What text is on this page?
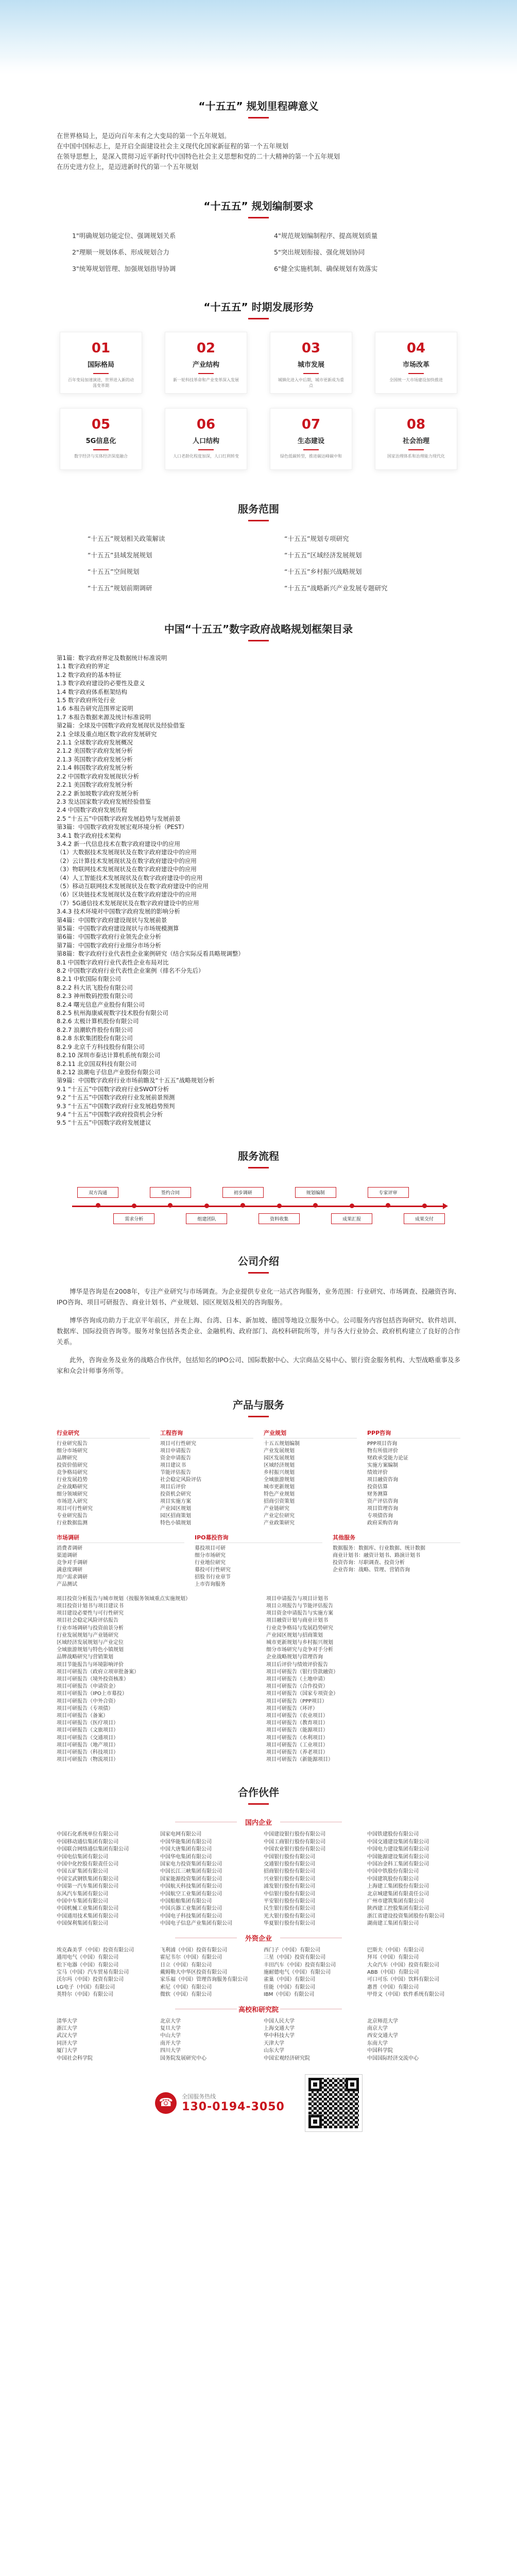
“十五五” 规划里程碑意义
在世界格局上，是迈向百年未有之大变局的第一个五年规划。
在中国中国标志上，是开启全面建设社会主义现代化国家新征程的第一个五年规划
在领导思想上，是深入贯彻习近平新时代中国特色社会主义思想和党的二十大精神的第一个五年规划
在历史进方位上，是迈进新时代的第一个五年规划
“十五五” 规划编制要求
1"明确规划功能定位、强调规划关系	4"规范规划编制程序、提高规划质量
2"理顺一规划体系、形成规划合力	5"突出规划衔接、强化规划协同
3"统筹规划管理、加强规划指导协调	6"健全实施机制、确保规划有效落实
“十五五” 时期发展形势
01
国际格局
百年变局加速演进，世界进入新的动荡变革期
02
产业结构
新一轮科技革命和产业变革深入发展
03
城市发展
城镇化进入中后期，城市更新成为重点
04
市场改革
全国统一大市场建设加快推进
05
5G信息化
数字经济与实体经济深度融合
06
人口结构
人口老龄化程度加深，人口红利转变
07
生态建设
绿色低碳转型，推进碳达峰碳中和
08
社会治理
国家治理体系和治理能力现代化
服务范围
“十五五”规划相关政策解读	“十五五”规划专项研究
“十五五”县域发展规划	“十五五”区域经济发展规划
“十五五”空间规划	“十五五”乡村振兴战略规划
“十五五”规划前期调研	“十五五”战略新兴产业发展专题研究
中国“十五五”数字政府战略规划框架目录
第1篇：数字政府界定及数据统计标准说明
1.1 数字政府的界定
1.2 数字政府的基本特征
1.3 数字政府建设的必要性及意义
1.4 数字政府体系框架结构
1.5 数字政府所处行业
1.6 本报告研究范围界定说明
1.7 本报告数据来源及统计标准说明
第2篇：全球及中国数字政府发展现状及经验借鉴
2.1 全球及重点地区数字政府发展研究
2.1.1 全球数字政府发展概况
2.1.2 美国数字政府发展分析
2.1.3 英国数字政府发展分析
2.1.4 韩国数字政府发展分析
2.2 中国数字政府发展现状分析
2.2.1 美国数字政府发展分析
2.2.2 新加坡数字政府发展分析
2.3 发达国家数字政府发展经验借鉴
2.4 中国数字政府发展历程
2.5 “十五五”中国数字政府发展趋势与发展前景
第3篇：中国数字政府发展宏观环境分析（PEST）
3.4.1 数字政府技术架构
3.4.2 新一代信息技术在数字政府建设中的应用
（1）大数据技术发展现状及在数字政府建设中的应用
（2）云计算技术发展现状及在数字政府建设中的应用
（3）物联网技术发展现状及在数字政府建设中的应用
（4）人工智能技术发展现状及在数字政府建设中的应用
（5）移动互联网技术发展现状及在数字政府建设中的应用
（6）区块链技术发展现状及在数字政府建设中的应用
（7）5G通信技术发展现状及在数字政府建设中的应用
3.4.3 技术环境对中国数字政府发展的影响分析
第4篇：中国数字政府建设现状与发展前景
第5篇：中国数字政府建设现状与市场规模测算
第6篇：中国数字政府行业领先企业分析
第7篇：中国数字政府行业细分市场分析
第8篇：数字政府行业代表性企业案例研究（结合实际反看具略规调整）
8.1 中国数字政府行业代表性企业布局对比
8.2 中国数字政府行业代表性企业案例（排名不分先后）
8.2.1 中软国际有限公司
8.2.2 科大讯飞股份有限公司
8.2.3 神州数码控股有限公司
8.2.4 曙光信息产业股份有限公司
8.2.5 杭州海康威视数字技术股份有限公司
8.2.6 太极计算机股份有限公司
8.2.7 浪潮软件股份有限公司
8.2.8 东软集团股份有限公司
8.2.9 北京千方科技股份有限公司
8.2.10 深圳市泰达计算机系统有限公司
8.2.11 北京国双科技有限公司
8.2.12 浪潮电子信息产业股份有限公司
第9篇：中国数字政府行业市场前瞻及“十五五”战略规划分析
9.1 “十五五”中国数字政府行业SWOT分析
9.2 “十五五”中国数字政府行业发展前景预测
9.3 “十五五”中国数字政府行业发展趋势预判
9.4 “十五五”中国数字政府投资机会分析
9.5 “十五五”中国数字政府发展建议
服务流程
双方沟通
需求分析
签约合同
组建团队
初步调研
资料收集
规划编制
成果汇报
专家评审
成果交付
公司介绍

博华是咨询是在2008年，专注产业研究与市场调查。为企业提供专业化一站式咨询服务，业务范围：行业研究、市场调查、投融资咨询、IPO咨询、项目可研报告、商业计划书、产业规划、园区规划及相关的咨询服务。

博华咨询成功助力于北京平年前区，并在上海、台湾、日本、新加坡、德国等地设立服务中心。公司服务内容包括咨询研究、软件培训、数据库、国际投资咨询等。服务对象包括各类企业、金融机构、政府部门、高校科研院所等，并与各大行业协会、政府机构建立了良好的合作关系。

此外，咨询业务及业务的战略合作伙伴，包括知名的IPO公司、国际数据中心、大宗商品交易中心、银行资金服务机构、大型战略重事及多家和众会计师事务所等。

产品与服务
行业研究
行业研究报告
细分市场研究
品牌研究
投资价值研究
竞争格局研究
行业发展趋势
企业战略研究
细分领域研究
市场进入研究
项目可行性研究
专业研究报告
行业数据监测
工程咨询
项目可行性研究
项目申请报告
资金申请报告
项目建议书
节能评估报告
社会稳定风险评估
项目后评价
投资机会研究
项目实施方案
产业园区规划
园区招商策划
特色小镇规划
产业规划
十五五规划编制
产业发展规划
园区发展规划
区域经济规划
乡村振兴规划
全域旅游规划
城市更新规划
特色产业规划
招商引资策划
产业链研究
产业定位研究
产业政策研究
PPP咨询
PPP项目咨询
物有所值评价
财政承受能力论证
实施方案编制
绩效评价
项目融资咨询
投资估算
财务测算
资产评估咨询
项目管理咨询
专项债咨询
政府采购咨询
市场调研
消费者调研
渠道调研
竞争对手调研
满意度调研
用户需求调研
产品测试
IPO募投咨询
募投项目可研
细分市场研究
行业地位研究
募投可行性研究
招股书行业章节
上市咨询服务
其他服务
数据服务：数据库、行业数据、统计数据
商业计划书：融资计划书、路演计划书
投资咨询：尽职调查、投资分析
企业咨询：战略、管理、营销咨询
项目投资分析报告与城市规划（按服务领域重点实施规划）	项目申请报告与项目计划书
项目投资计划书与项目建议书	项目立项报告与节能评估报告
项目建设必要性与可行性研究	项目资金申请报告与实施方案
项目社会稳定风险评估报告	项目融资计划与商业计划书
行业市场调研与投资前景分析	行业竞争格局与发展趋势研究
行业发展规划与产业链研究	产业园区规划与招商策划
区域经济发展规划与产业定位	城市更新规划与乡村振兴规划
全域旅游规划与特色小镇规划	细分市场研究与竞争对手分析
品牌战略研究与营销策划	企业战略规划与管理咨询
项目节能报告与环境影响评价	项目后评价与绩效评价报告
项目可研报告（政府立项审批备案）	项目可研报告（银行贷款融资）
项目可研报告（境外投资核准）	项目可研报告（土地申请）
项目可研报告（申请资金）	项目可研报告（合作投资）
项目可研报告（IPO上市募投）	项目可研报告（国家专项资金）
项目可研报告（中外合资）	项目可研报告（PPP项目）
项目可研报告（专项债）	项目可研报告（环评）
项目可研报告（备案）	项目可研报告（农业项目）
项目可研报告（医疗项目）	项目可研报告（教育项目）
项目可研报告（文旅项目）	项目可研报告（能源项目）
项目可研报告（交通项目）	项目可研报告（水利项目）
项目可研报告（地产项目）	项目可研报告（工业项目）
项目可研报告（科技项目）	项目可研报告（养老项目）
项目可研报告（物流项目）	项目可研报告（新能源项目）
合作伙伴
国内企业
中国石化系统单位有限公司	国家电网有限公司	中国建设银行股份有限公司	中国铁建股份有限公司
中国移动通信集团有限公司	中国华能集团有限公司	中国工商银行股份有限公司	中国交通建设集团有限公司
中国联合网络通信集团有限公司	中国大唐集团有限公司	中国农业银行股份有限公司	中国电力建设集团有限公司
中国电信集团有限公司	中国华电集团有限公司	中国银行股份有限公司	中国能源建设集团有限公司
中国中化控股有限责任公司	国家电力投资集团有限公司	交通银行股份有限公司	中国冶金科工集团有限公司
中国五矿集团有限公司	中国长江三峡集团有限公司	招商银行股份有限公司	中国中铁股份有限公司
中国宝武钢铁集团有限公司	国家能源投资集团有限公司	兴业银行股份有限公司	中国建筑股份有限公司
中国第一汽车集团有限公司	中国航天科技集团有限公司	浦发银行股份有限公司	上海建工集团股份有限公司
东风汽车集团有限公司	中国航空工业集团有限公司	中信银行股份有限公司	北京城建集团有限责任公司
中国中车集团有限公司	中国船舶集团有限公司	平安银行股份有限公司	广州市建筑集团有限公司
中国机械工业集团有限公司	中国兵器工业集团有限公司	民生银行股份有限公司	陕西建工控股集团有限公司
中国通用技术集团有限公司	中国电子科技集团有限公司	光大银行股份有限公司	浙江省建设投资集团股份有限公司
中国保利集团有限公司	中国电子信息产业集团有限公司	华夏银行股份有限公司	湖南建工集团有限公司
外资企业
埃克森美孚（中国）投资有限公司	飞利浦（中国）投资有限公司	西门子（中国）有限公司	巴斯夫（中国）有限公司
通用电气（中国）有限公司	霍尼韦尔（中国）有限公司	三星（中国）投资有限公司	拜耳（中国）有限公司
松下电器（中国）有限公司	日立（中国）有限公司	丰田汽车（中国）投资有限公司	大众汽车（中国）投资有限公司
宝马（中国）汽车贸易有限公司	戴姆勒大中华区投资有限公司	施耐德电气（中国）有限公司	ABB（中国）有限公司
沃尔玛（中国）投资有限公司	家乐福（中国）管理咨询服务有限公司	雀巢（中国）有限公司	可口可乐（中国）饮料有限公司
LG电子（中国）有限公司	索尼（中国）有限公司	佳能（中国）有限公司	惠普（中国）有限公司
英特尔（中国）有限公司	微软（中国）有限公司	IBM（中国）有限公司	甲骨文（中国）软件系统有限公司
高校和研究院
清华大学	北京大学	中国人民大学	北京师范大学
浙江大学	复旦大学	上海交通大学	南京大学
武汉大学	中山大学	华中科技大学	西安交通大学
同济大学	南开大学	天津大学	东南大学
厦门大学	四川大学	山东大学	中国科学院
中国社会科学院	国务院发展研究中心	中国宏观经济研究院	中国国际经济交流中心
☎	全国服务热线
130-0194-3050
